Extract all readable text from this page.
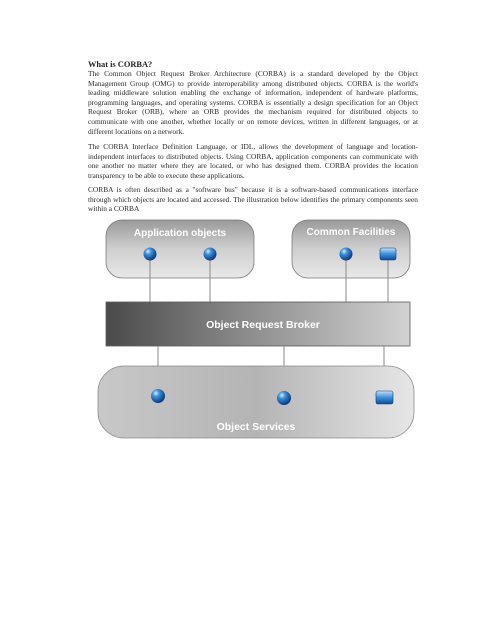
What is CORBA?
The Common Object Request Broker Architecture (CORBA) is a standard developed by the Object Management Group (OMG) to provide interoperability among distributed objects. CORBA is the world's leading middleware solution enabling the exchange of information, independent of hardware platforms, programming languages, and operating systems. CORBA is essentially a design specification for an Object Request Broker (ORB), where an ORB provides the mechanism required for distributed objects to communicate with one another, whether locally or on remote devices, written in different languages, or at different locations on a network.
The CORBA Interface Definition Language, or IDL, allows the development of language and location-independent interfaces to distributed objects. Using CORBA, application components can communicate with one another no matter where they are located, or who has designed them. CORBA provides the location transparency to be able to execute these applications.
CORBA is often described as a "software bus" because it is a software-based communications interface through which objects are located and accessed. The illustration below identifies the primary components seen within a CORBA
Application objects	Common Facilities
Object Request Broker
Object Services
